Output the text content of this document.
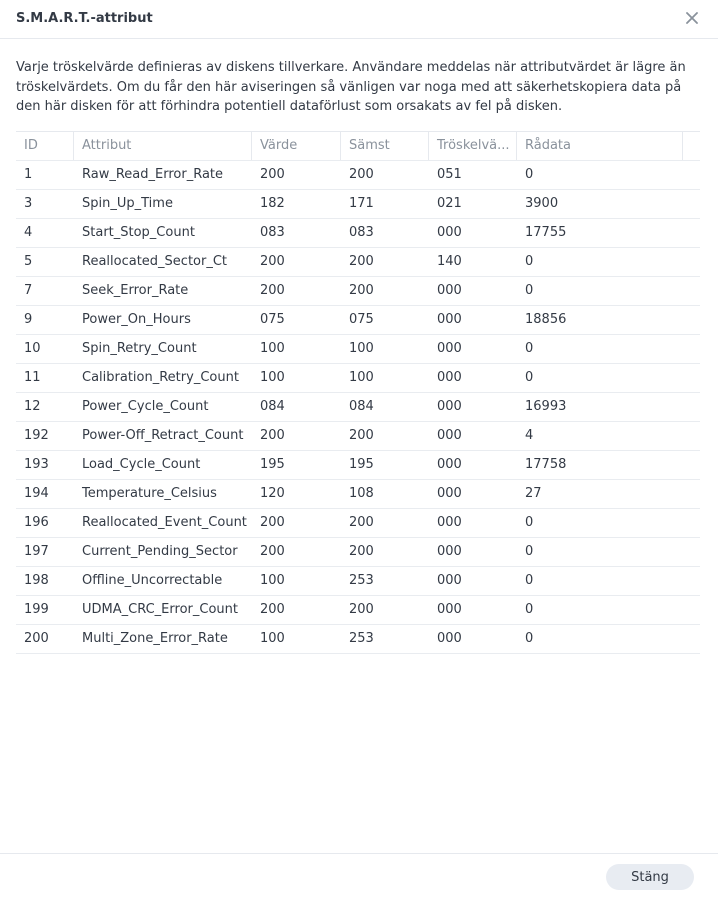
S.M.A.R.T.-attribut
Varje tröskelvärde definieras av diskens tillverkare. Användare meddelas när attributvärdet är lägre än tröskelvärdets. Om du får den här aviseringen så vänligen var noga med att säkerhetskopiera data på den här disken för att förhindra potentiell dataförlust som orsakats av fel på disken.
ID	Attribut	Värde	Sämst	Tröskelvä...	Rådata
1	Raw_Read_Error_Rate	200	200	051	0
3	Spin_Up_Time	182	171	021	3900
4	Start_Stop_Count	083	083	000	17755
5	Reallocated_Sector_Ct	200	200	140	0
7	Seek_Error_Rate	200	200	000	0
9	Power_On_Hours	075	075	000	18856
10	Spin_Retry_Count	100	100	000	0
11	Calibration_Retry_Count	100	100	000	0
12	Power_Cycle_Count	084	084	000	16993
192	Power-Off_Retract_Count	200	200	000	4
193	Load_Cycle_Count	195	195	000	17758
194	Temperature_Celsius	120	108	000	27
196	Reallocated_Event_Count	200	200	000	0
197	Current_Pending_Sector	200	200	000	0
198	Offline_Uncorrectable	100	253	000	0
199	UDMA_CRC_Error_Count	200	200	000	0
200	Multi_Zone_Error_Rate	100	253	000	0
Stäng
